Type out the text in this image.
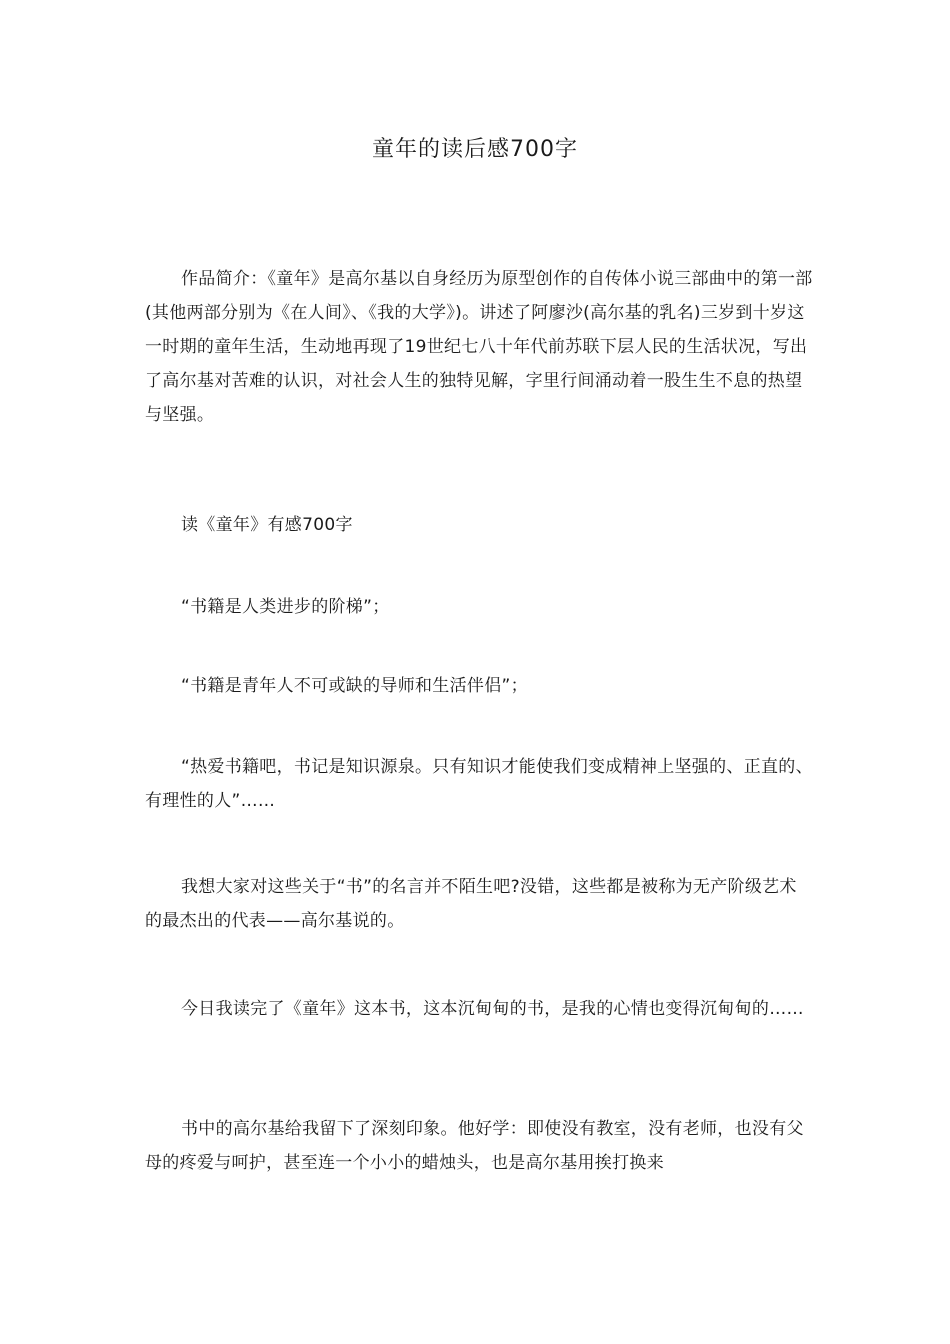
童年的读后感700字

作品简介：《童年》是高尔基以自身经历为原型创作的自传体小说三部曲中的第一部(其他两部分别为《在人间》、《我的大学》)。讲述了阿廖沙(高尔基的乳名)三岁到十岁这一时期的童年生活，生动地再现了19世纪七八十年代前苏联下层人民的生活状况，写出了高尔基对苦难的认识，对社会人生的独特见解，字里行间涌动着一股生生不息的热望与坚强。

读《童年》有感700字

“书籍是人类进步的阶梯”；

“书籍是青年人不可或缺的导师和生活伴侣”；

“热爱书籍吧，书记是知识源泉。只有知识才能使我们变成精神上坚强的、正直的、有理性的人”……

我想大家对这些关于“书”的名言并不陌生吧?没错，这些都是被称为无产阶级艺术的最杰出的代表——高尔基说的。

今日我读完了《童年》这本书，这本沉甸甸的书，是我的心情也变得沉甸甸的……

书中的高尔基给我留下了深刻印象。他好学：即使没有教室，没有老师，也没有父母的疼爱与呵护，甚至连一个小小的蜡烛头，也是高尔基用挨打换来
